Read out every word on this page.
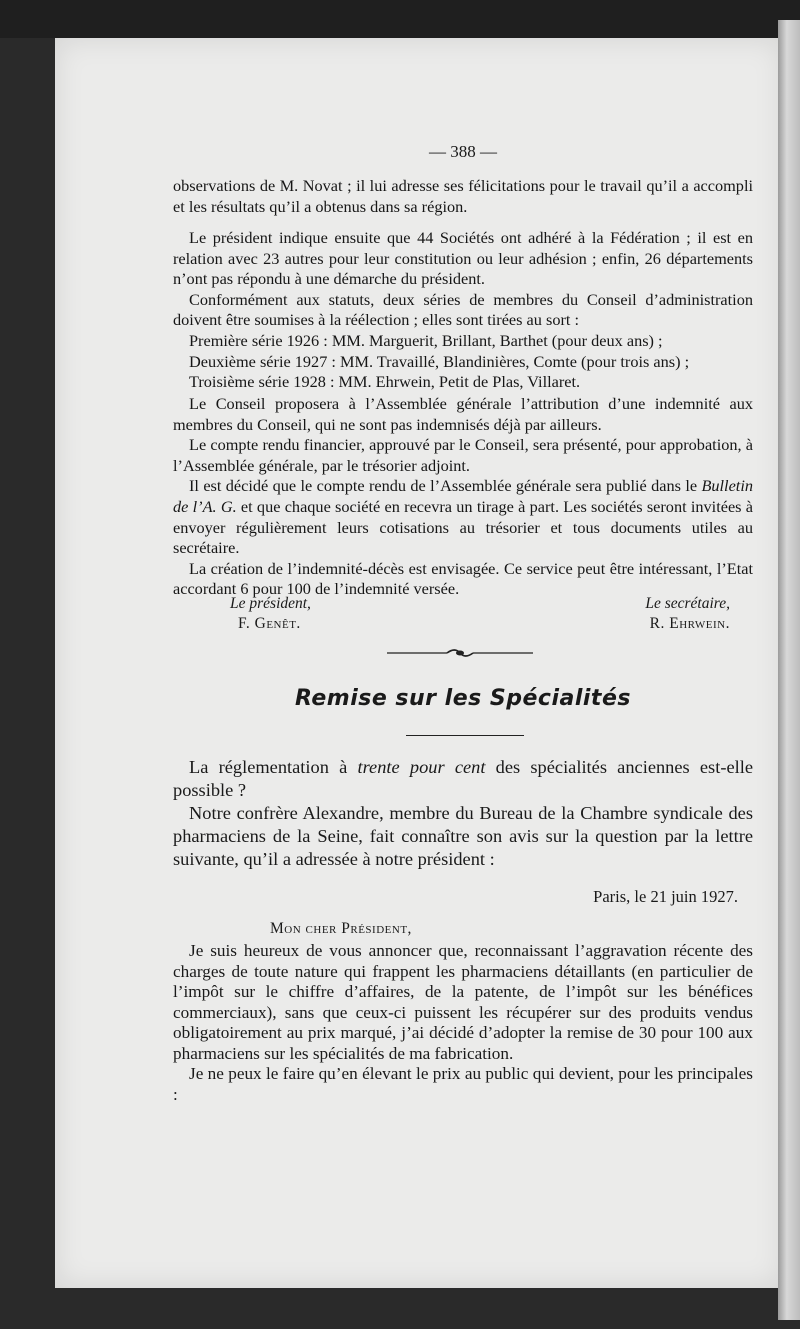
— 388 —

observations de M. Novat ; il lui adresse ses félicitations pour le travail qu’il a accompli et les résultats qu’il a obtenus dans sa région.

Le président indique ensuite que 44 Sociétés ont adhéré à la Fédération ; il est en relation avec 23 autres pour leur constitution ou leur adhésion ; enfin, 26 départements n’ont pas répondu à une démarche du président.

Conformément aux statuts, deux séries de membres du Conseil d’administration doivent être soumises à la réélection ; elles sont tirées au sort :

Première série 1926 : MM. Marguerit, Brillant, Barthet (pour deux ans) ;

Deuxième série 1927 : MM. Travaillé, Blandinières, Comte (pour trois ans) ;

Troisième série 1928 : MM. Ehrwein, Petit de Plas, Villaret.

Le Conseil proposera à l’Assemblée générale l’attribution d’une indemnité aux membres du Conseil, qui ne sont pas indemnisés déjà par ailleurs.

Le compte rendu financier, approuvé par le Conseil, sera présenté, pour approbation, à l’Assemblée générale, par le trésorier adjoint.

Il est décidé que le compte rendu de l’Assemblée générale sera publié dans le Bulletin de l’A. G. et que chaque société en recevra un tirage à part. Les sociétés seront invitées à envoyer régulièrement leurs cotisations au trésorier et tous documents utiles au secrétaire.

La création de l’indemnité-décès est envisagée. Ce service peut être intéressant, l’Etat accordant 6 pour 100 de l’indemnité versée.

Le président,	Le secrétaire,
F. Genêt.	R. Ehrwein.
Remise sur les Spécialités

La réglementation à trente pour cent des spécialités anciennes est-elle possible ?

Notre confrère Alexandre, membre du Bureau de la Chambre syndicale des pharmaciens de la Seine, fait connaître son avis sur la question par la lettre suivante, qu’il a adressée à notre président :

Paris, le 21 juin 1927.
Mon cher Président,

Je suis heureux de vous annoncer que, reconnaissant l’aggravation récente des charges de toute nature qui frappent les pharmaciens détaillants (en particulier de l’impôt sur le chiffre d’affaires, de la patente, de l’impôt sur les bénéfices commerciaux), sans que ceux-ci puissent les récupérer sur des produits vendus obligatoirement au prix marqué, j’ai décidé d’adopter la remise de 30 pour 100 aux pharmaciens sur les spécialités de ma fabrication.

Je ne peux le faire qu’en élevant le prix au public qui devient, pour les principales :
